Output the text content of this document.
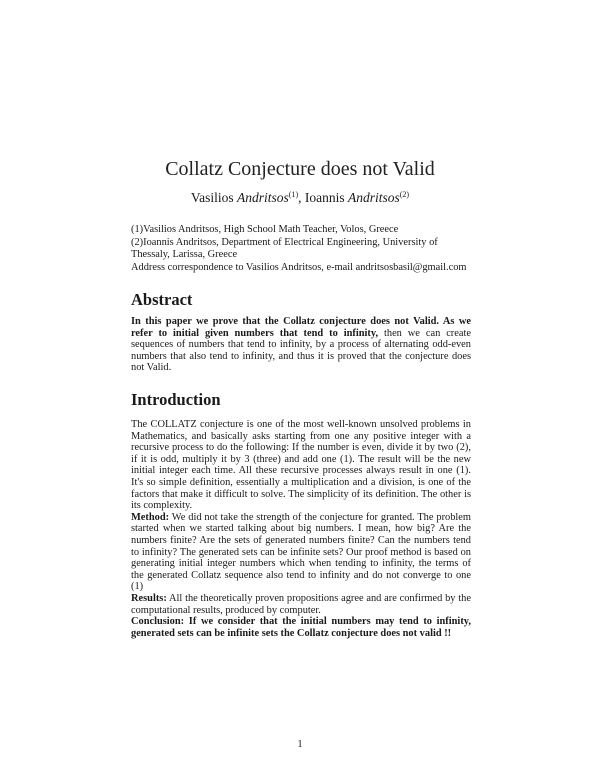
Collatz Conjecture does not Valid
Vasilios Andritsos$^{(1)}$, Ioannis Andritsos$^{(2)}$
(1)Vasilios Andritsos, High School Math Teacher, Volos, Greece
(2)Ioannis Andritsos, Department of Electrical Engineering, University of Thessaly, Larissa, Greece
Address correspondence to Vasilios Andritsos, e-mail andritsosbasil@gmail.com
Abstract
In this paper we prove that the Collatz conjecture does not Valid. As we refer to initial given numbers that tend to infinity, then we can create sequences of numbers that tend to infinity, by a process of alternating odd-even numbers that also tend to infinity, and thus it is proved that the conjecture does not Valid.
Introduction
The COLLATZ conjecture is one of the most well-known unsolved problems in Mathematics, and basically asks starting from one any positive integer with a recursive process to do the following: If the number is even, divide it by two (2), if it is odd, multiply it by 3 (three) and add one (1). The result will be the new initial integer each time. All these recursive processes always result in one (1). It's so simple definition, essentially a multiplication and a division, is one of the factors that make it difficult to solve. The simplicity of its definition. The other is its complexity.
Method: We did not take the strength of the conjecture for granted. The problem started when we started talking about big numbers. I mean, how big? Are the numbers finite? Are the sets of generated numbers finite? Can the numbers tend to infinity? The generated sets can be infinite sets? Our proof method is based on generating initial integer numbers which when tending to infinity, the terms of the generated Collatz sequence also tend to infinity and do not converge to one (1)
Results: All the theoretically proven propositions agree and are confirmed by the computational results, produced by computer.
Conclusion: If we consider that the initial numbers may tend to infinity, generated sets can be infinite sets the Collatz conjecture does not valid !!
1
